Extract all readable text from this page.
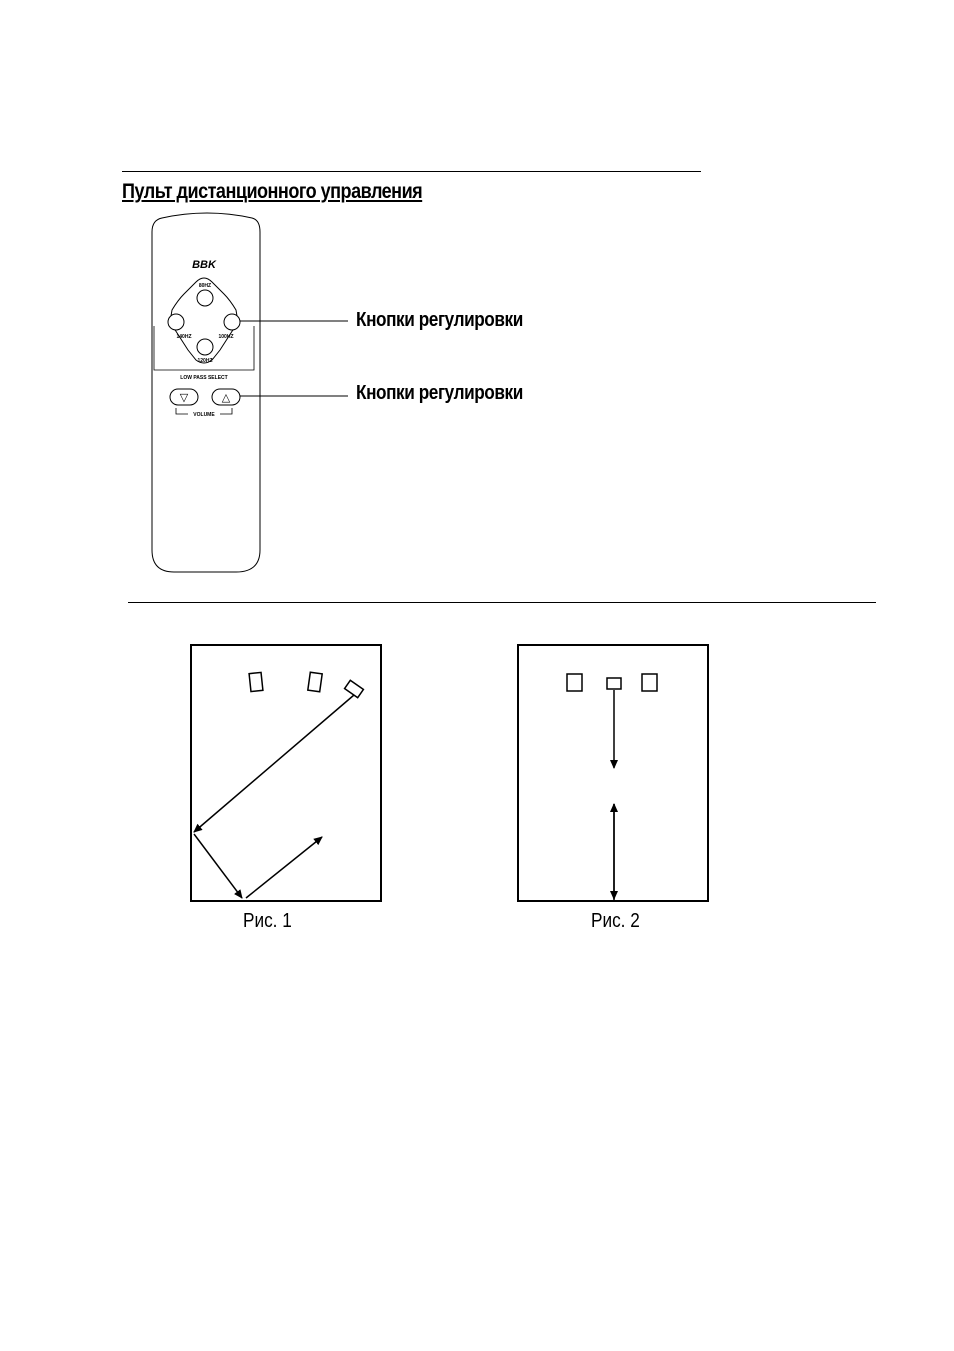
Пульт дистанционного управления
BBK
80HZ
140HZ	100HZ
120HZ
LOW PASS SELECT
▽	△
VOLUME
Кнопки регулировки
Кнопки регулировки
Рис. 1	Рис. 2
